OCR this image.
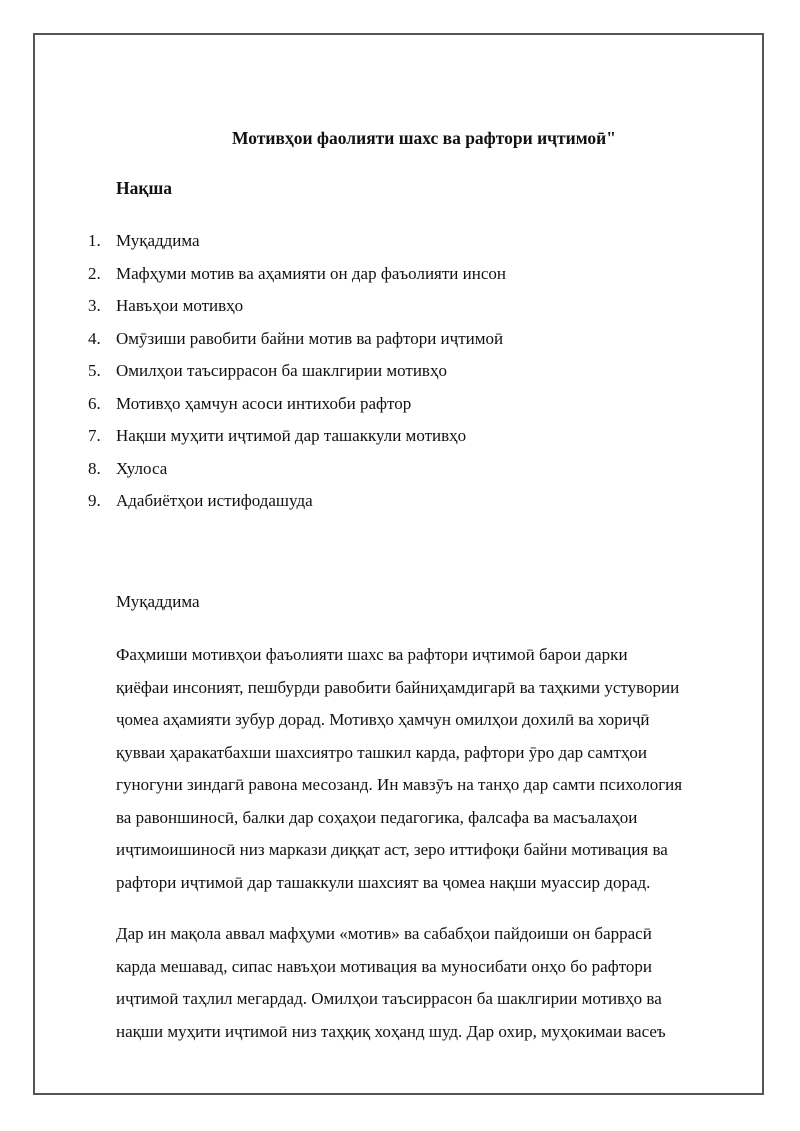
Мотивҳои фаолияти шахс ва рафтори иҷтимоӣ"
Нақша
1. Муқаддима
2. Мафҳуми мотив ва аҳамияти он дар фаъолияти инсон
3. Навъҳои мотивҳо
4. Омӯзиши равобити байни мотив ва рафтори иҷтимоӣ
5. Омилҳои таъсиррасон ба шаклгирии мотивҳо
6. Мотивҳо ҳамчун асоси интихоби рафтор
7. Нақши муҳити иҷтимоӣ дар ташаккули мотивҳо
8. Хулоса
9. Адабиётҳои истифодашуда
Муқаддима

Фаҳмиши мотивҳои фаъолияти шахс ва рафтори иҷтимоӣ барои дарки
қиёфаи инсоният, пешбурди равобити байниҳамдигарӣ ва таҳкими устувории
ҷомеа аҳамияти зубур дорад. Мотивҳо ҳамчун омилҳои дохилӣ ва хориҷӣ
қувваи ҳаракатбахши шахсиятро ташкил карда, рафтори ӯро дар самтҳои
гуногуни зиндагӣ равона месозанд. Ин мавзӯъ на танҳо дар самти психология
ва равоншиносӣ, балки дар соҳаҳои педагогика, фалсафа ва масъалаҳои
иҷтимоишиносӣ низ маркази диққат аст, зеро иттифоқи байни мотивация ва
рафтори иҷтимоӣ дар ташаккули шахсият ва ҷомеа нақши муассир дорад.

Дар ин мақола аввал мафҳуми «мотив» ва сабабҳои пайдоиши он баррасӣ
карда мешавад, сипас навъҳои мотивация ва муносибати онҳо бо рафтори
иҷтимоӣ таҳлил мегардад. Омилҳои таъсиррасон ба шаклгирии мотивҳо ва
нақши муҳити иҷтимоӣ низ таҳқиқ хоҳанд шуд. Дар охир, муҳокимаи васеъ
